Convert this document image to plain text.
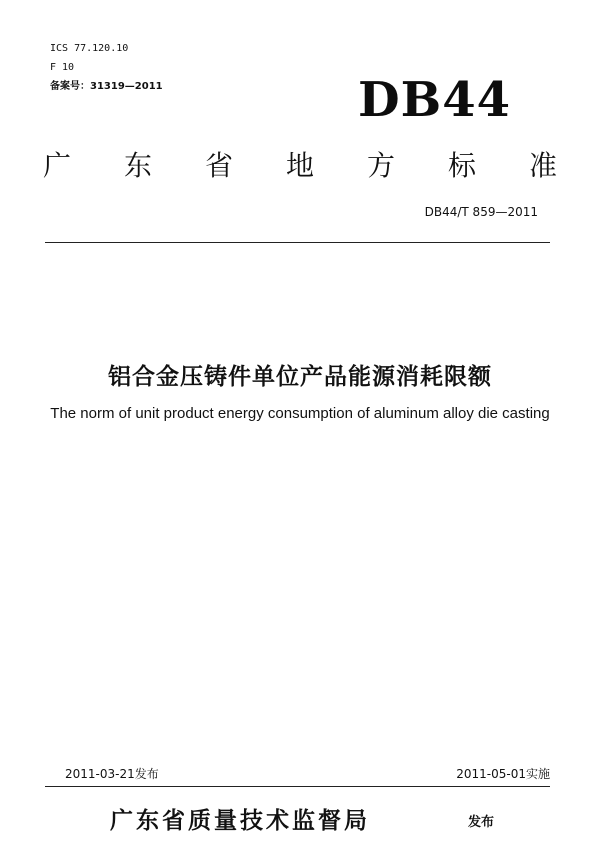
ICS 77.120.10
F 10
备案号：31319—2011	DB44
广 东 省 地 方 标 准
DB44/T 859—2011
铝合金压铸件单位产品能源消耗限额
The norm of unit product energy consumption of aluminum alloy die casting
2011-03-21发布	2011-05-01实施
广东省质量技术监督局	发布
